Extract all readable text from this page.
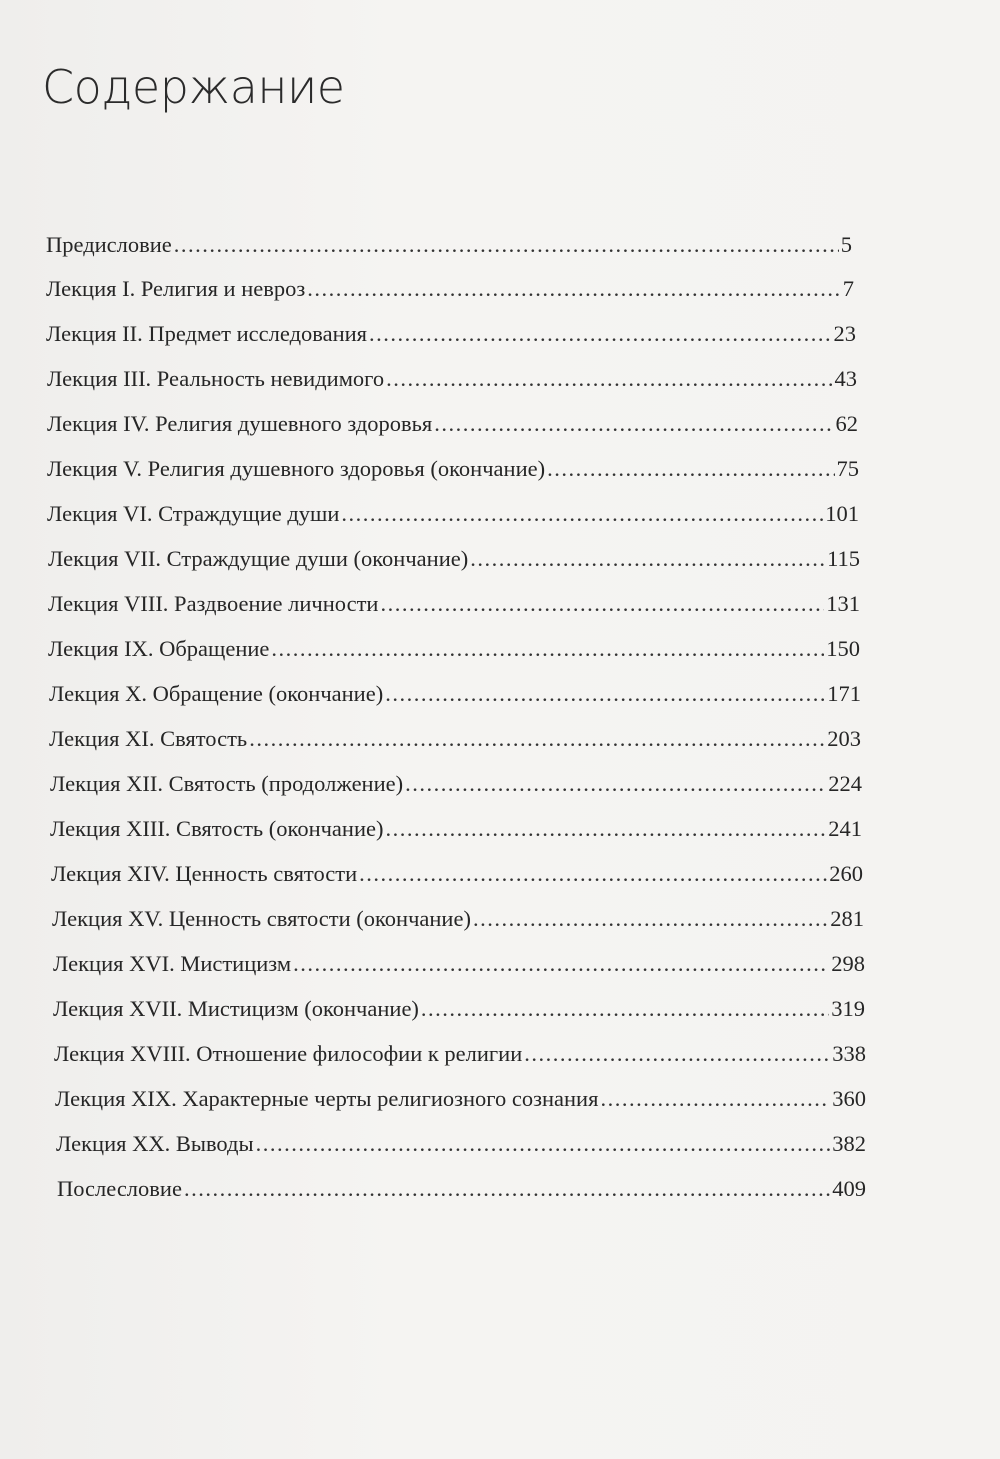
Содержание
Предисловие .....	5
Лекция I. Религия и невроз .....	7
Лекция II. Предмет исследования .....	23
Лекция III. Реальность невидимого .....	43
Лекция IV. Религия душевного здоровья .....	62
Лекция V. Религия душевного здоровья (окончание) .....	75
Лекция VI. Страждущие души .....	101
Лекция VII. Страждущие души (окончание) .....	115
Лекция VIII. Раздвоение личности .....	131
Лекция IX. Обращение .....	150
Лекция X. Обращение (окончание) .....	171
Лекция XI. Святость .....	203
Лекция XII. Святость (продолжение) .....	224
Лекция XIII. Святость (окончание) .....	241
Лекция XIV. Ценность святости .....	260
Лекция XV. Ценность святости (окончание) .....	281
Лекция XVI. Мистицизм .....	298
Лекция XVII. Мистицизм (окончание) .....	319
Лекция XVIII. Отношение философии к религии .....	338
Лекция XIX. Характерные черты религиозного сознания .....	360
Лекция XX. Выводы .....	382
Послесловие .....	409
